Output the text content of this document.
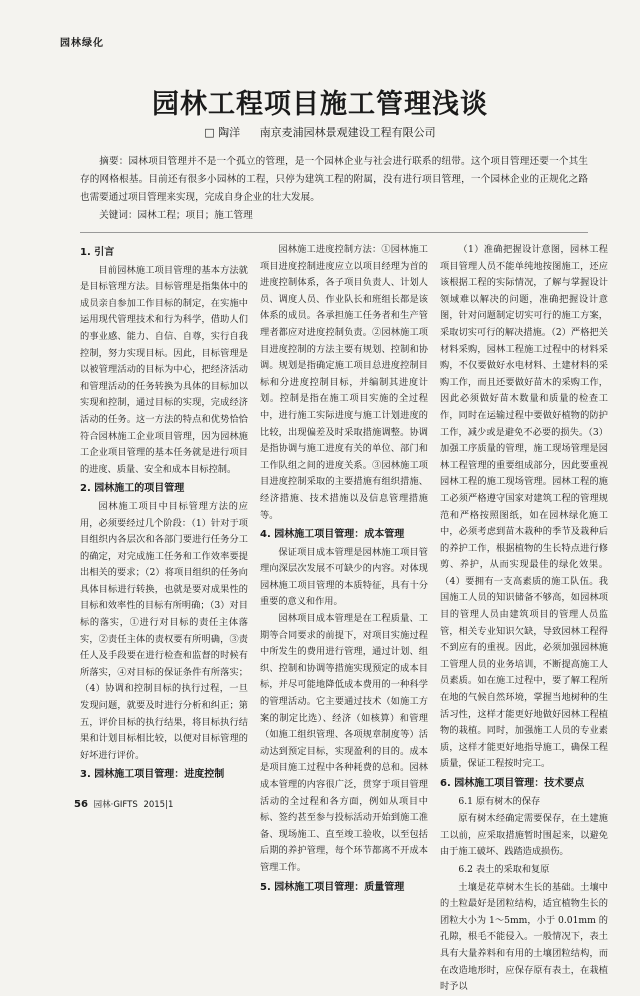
园林绿化
园林工程项目施工管理浅谈
□ 陶洋 南京麦浦园林景观建设工程有限公司

摘要：园林项目管理并不是一个孤立的管理，是一个园林企业与社会进行联系的纽带。这个项目管理还要一个其生存的网格根基。目前还有很多小园林的工程，只停为建筑工程的附属，没有进行项目管理，一个园林企业的正规化之路也需要通过项目管理来实现，完成自身企业的壮大发展。

关键词：园林工程；项目；施工管理

1. 引言

目前园林施工项目管理的基本方法就是目标管理方法。目标管理是指集体中的成员亲自参加工作目标的制定，在实施中运用现代管理技术和行为科学，借助人们的事业感、能力、自信、自尊，实行自我控制，努力实现目标。因此，目标管理是以被管理活动的目标为中心，把经济活动和管理活动的任务转换为具体的目标加以实现和控制，通过目标的实现，完成经济活动的任务。这一方法的特点和优势恰恰符合园林施工企业项目管理，因为园林施工企业项目管理的基本任务就是进行项目的进度、质量、安全和成本目标控制。

2. 园林施工的项目管理

园林施工项目中目标管理方法的应用，必须要经过几个阶段：（1）针对于项目组织内各层次和各部门要进行任务分工的确定，对完成施工任务和工作效率要提出相关的要求；（2）将项目组织的任务向具体目标进行转换，也就是要对成果性的目标和效率性的目标有所明确；（3）对目标的落实，①进行对目标的责任主体落实，②责任主体的责权要有所明确，③责任人及手段要在进行检查和监督的时候有所落实，④对目标的保证条件有所落实；（4）协调和控制目标的执行过程，一旦发现问题，就要及时进行分析和纠正；第五，评价目标的执行结果，将目标执行结果和计划目标相比较，以便对目标管理的好坏进行评价。

3. 园林施工项目管理：进度控制

园林施工进度控制方法：①园林施工项目进度控制进度应立以项目经理为首的进度控制体系，各子项目负责人、计划人员、调度人员、作业队长和班组长都是该体系的成员。各承担施工任务者和生产管理者都应对进度控制负责。②园林施工项目进度控制的方法主要有规划、控制和协调。规划是指确定施工项目总进度控制目标和分进度控制目标，并编制其进度计划。控制是指在施工项目实施的全过程中，进行施工实际进度与施工计划进度的比较，出现偏差及时采取措施调整。协调是指协调与施工进度有关的单位、部门和工作队组之间的进度关系。③园林施工项目进度控制采取的主要措施有组织措施、经济措施、技术措施以及信息管理措施等。

4. 园林施工项目管理：成本管理

保证项目成本管理是园林施工项目管理向深层次发展不可缺少的内容。对体现园林施工项目管理的本质特征，具有十分重要的意义和作用。

园林项目成本管理是在工程质量、工期等合同要求的前提下，对项目实施过程中所发生的费用进行管理，通过计划、组织、控制和协调等措施实现预定的成本目标，并尽可能地降低成本费用的一种科学的管理活动。它主要通过技术（如施工方案的制定比选）、经济（如核算）和管理（如施工组织管理、各项规章制度等）活动达到预定目标，实现盈利的目的。成本是项目施工过程中各种耗费的总和。园林成本管理的内容很广泛，贯穿于项目管理活动的全过程和各方面，例如从项目中标、签约甚至参与投标活动开始到施工准备、现场施工、直至竣工验收，以至包括后期的养护管理，每个环节都离不开成本管理工作。

5. 园林施工项目管理：质量管理

（1）准确把握设计意图，园林工程项目管理人员不能单纯地按图施工，还应该根据工程的实际情况，了解与掌握设计领域难以解决的问题，准确把握设计意图，针对问题制定切实可行的施工方案，采取切实可行的解决措施。（2）严格把关材料采购，园林工程施工过程中的材料采购，不仅要做好水电材料、土建材料的采购工作，而且还要做好苗木的采购工作，因此必须做好苗木数量和质量的检查工作，同时在运输过程中要做好植物的防护工作，减少或是避免不必要的损失。（3）加强工序质量的管理，施工现场管理是园林工程管理的重要组成部分，因此要重视园林工程的施工现场管理。园林工程的施工必须严格遵守国家对建筑工程的管理规范和严格按照图纸，如在园林绿化施工中，必须考虑到苗木栽种的季节及栽种后的养护工作，根据植物的生长特点进行修剪、养护，从而实现最佳的绿化效果。（4）要拥有一支高素质的施工队伍。我国施工人员的知识储备不够高，如园林项目的管理人员由建筑项目的管理人员监管，相关专业知识欠缺，导致园林工程得不到应有的重视。因此，必须加强园林施工管理人员的业务培训，不断提高施工人员素质。如在施工过程中，要了解工程所在地的气候自然环境，掌握当地树种的生活习性，这样才能更好地做好园林工程植物的栽植。同时，加强施工人员的专业素质，这样才能更好地指导施工，确保工程质量，保证工程按时完工。

6. 园林施工项目管理：技术要点
6.1 原有树木的保存

原有树木经确定需要保存，在土建施工以前，应采取措施暂时围起来，以避免由于施工破坏、践踏造成损伤。

6.2 表土的采取和复原

土壤是花草树木生长的基础。土壤中的土粒最好是团粒结构，适宜植物生长的团粒大小为 1～5mm，小于 0.01mm 的孔隙，根毛不能侵入。一般情况下，表土具有大量养料和有用的土壤团粒结构，而在改造地形时，应保存原有表土，在栽植时予以

56 园林·GIFTS 2015|1
